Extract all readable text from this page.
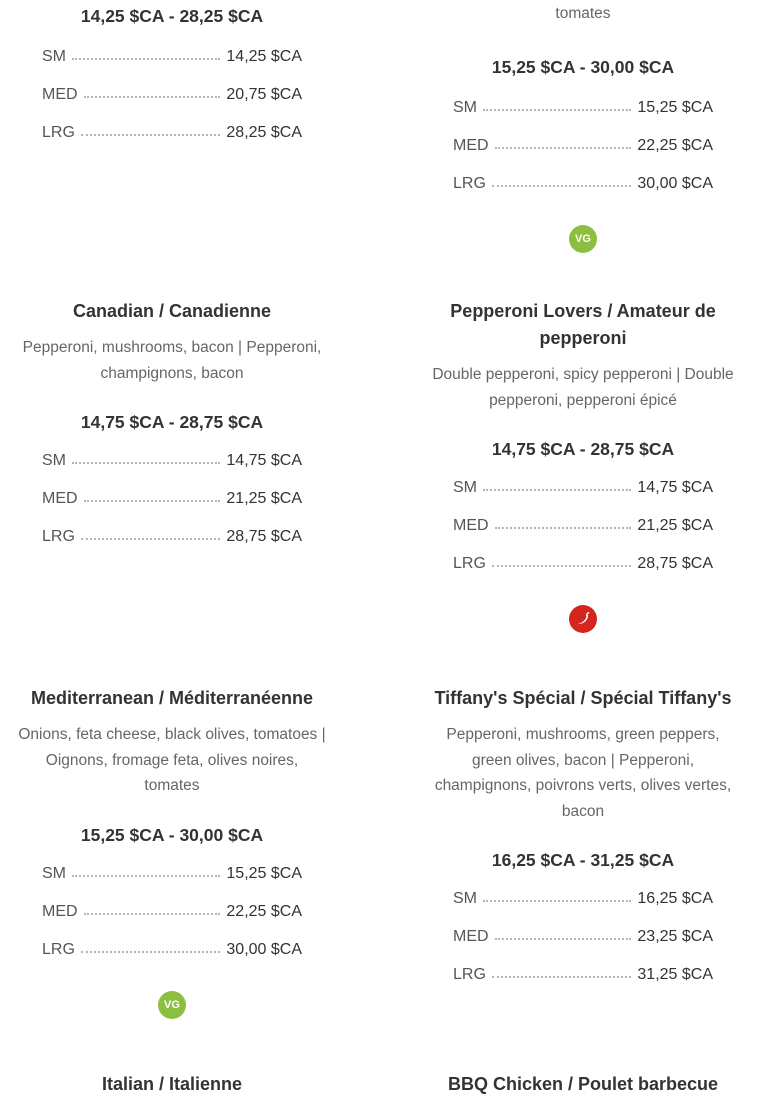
14,25 $CA - 28,25 $CA
SM	14,25 $CA
MED	20,75 $CA
LRG	28,25 $CA

tomates

15,25 $CA - 30,00 $CA
SM	15,25 $CA
MED	22,25 $CA
LRG	30,00 $CA
VG
Canadian / Canadienne

Pepperoni, mushrooms, bacon | Pepperoni, champignons, bacon

14,75 $CA - 28,75 $CA
SM	14,75 $CA
MED	21,25 $CA
LRG	28,75 $CA
Pepperoni Lovers / Amateur de pepperoni

Double pepperoni, spicy pepperoni | Double pepperoni, pepperoni épicé

14,75 $CA - 28,75 $CA
SM	14,75 $CA
MED	21,25 $CA
LRG	28,75 $CA
Mediterranean / Méditerranéenne

Onions, feta cheese, black olives, tomatoes | Oignons, fromage feta, olives noires, tomates

15,25 $CA - 30,00 $CA
SM	15,25 $CA
MED	22,25 $CA
LRG	30,00 $CA
VG
Tiffany's Spécial / Spécial Tiffany's

Pepperoni, mushrooms, green peppers, green olives, bacon | Pepperoni, champignons, poivrons verts, olives vertes, bacon

16,25 $CA - 31,25 $CA
SM	16,25 $CA
MED	23,25 $CA
LRG	31,25 $CA
Italian / Italienne	BBQ Chicken / Poulet barbecue
